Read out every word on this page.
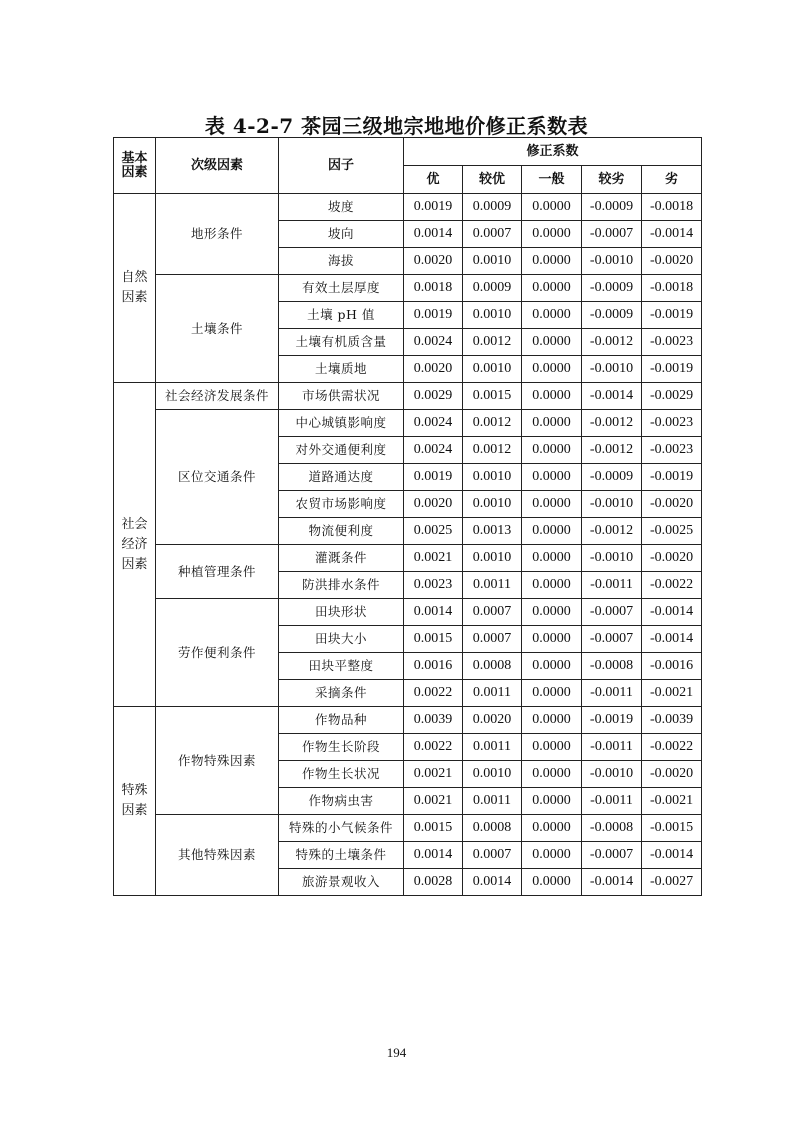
表 4-2-7 茶园三级地宗地地价修正系数表
基本因素	次级因素	因子	修正系数				
			优	较优	一般	较劣	劣
自然因素	地形条件	坡度	0.0019	0.0009	0.0000	-0.0009	-0.0018
		坡向	0.0014	0.0007	0.0000	-0.0007	-0.0014
		海拔	0.0020	0.0010	0.0000	-0.0010	-0.0020
	土壤条件	有效土层厚度	0.0018	0.0009	0.0000	-0.0009	-0.0018
		土壤 pH 值	0.0019	0.0010	0.0000	-0.0009	-0.0019
		土壤有机质含量	0.0024	0.0012	0.0000	-0.0012	-0.0023
		土壤质地	0.0020	0.0010	0.0000	-0.0010	-0.0019
社会经济因素	社会经济发展条件	市场供需状况	0.0029	0.0015	0.0000	-0.0014	-0.0029
	区位交通条件	中心城镇影响度	0.0024	0.0012	0.0000	-0.0012	-0.0023
		对外交通便利度	0.0024	0.0012	0.0000	-0.0012	-0.0023
		道路通达度	0.0019	0.0010	0.0000	-0.0009	-0.0019
		农贸市场影响度	0.0020	0.0010	0.0000	-0.0010	-0.0020
		物流便利度	0.0025	0.0013	0.0000	-0.0012	-0.0025
	种植管理条件	灌溉条件	0.0021	0.0010	0.0000	-0.0010	-0.0020
		防洪排水条件	0.0023	0.0011	0.0000	-0.0011	-0.0022
	劳作便利条件	田块形状	0.0014	0.0007	0.0000	-0.0007	-0.0014
		田块大小	0.0015	0.0007	0.0000	-0.0007	-0.0014
		田块平整度	0.0016	0.0008	0.0000	-0.0008	-0.0016
		采摘条件	0.0022	0.0011	0.0000	-0.0011	-0.0021
特殊因素	作物特殊因素	作物品种	0.0039	0.0020	0.0000	-0.0019	-0.0039
		作物生长阶段	0.0022	0.0011	0.0000	-0.0011	-0.0022
		作物生长状况	0.0021	0.0010	0.0000	-0.0010	-0.0020
		作物病虫害	0.0021	0.0011	0.0000	-0.0011	-0.0021
	其他特殊因素	特殊的小气候条件	0.0015	0.0008	0.0000	-0.0008	-0.0015
		特殊的土壤条件	0.0014	0.0007	0.0000	-0.0007	-0.0014
		旅游景观收入	0.0028	0.0014	0.0000	-0.0014	-0.0027
194
